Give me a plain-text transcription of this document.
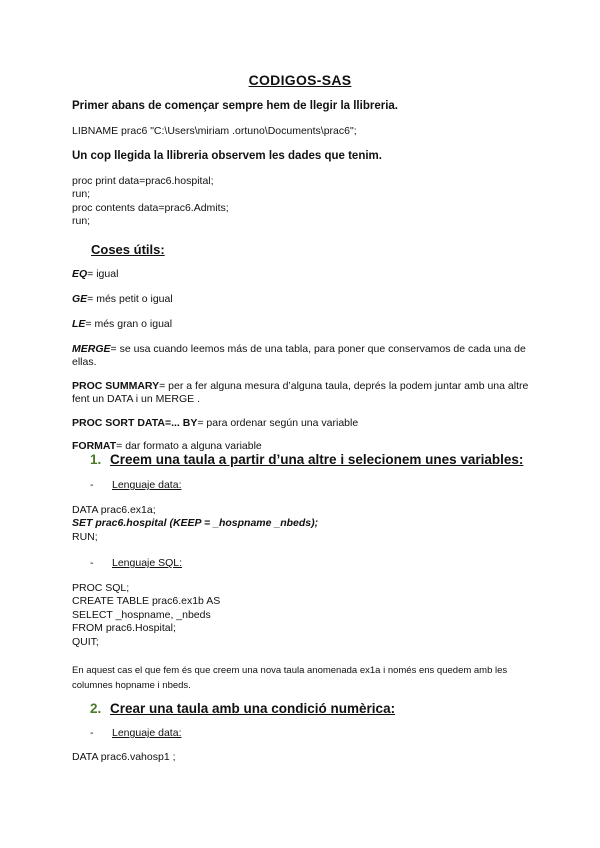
CODIGOS-SAS
Primer abans de començar sempre hem de llegir la llibreria.
LIBNAME prac6 "C:\Users\miriam .ortuno\Documents\prac6";
Un cop llegida la llibreria observem les dades que tenim.
proc print data=prac6.hospital;
run;
proc contents data=prac6.Admits;
run;
Coses útils:
EQ= igual
GE= més petit o igual
LE= més gran o igual
MERGE= se usa cuando leemos más de una tabla, para poner que conservamos de cada una de ellas.
PROC SUMMARY= per a fer alguna mesura d’alguna taula, deprés la podem juntar amb una altre fent un DATA i un MERGE .
PROC SORT DATA=... BY= para ordenar según una variable
FORMAT= dar formato a alguna variable
1. Creem una taula a partir d’una altre i selecionem unes variables:
- Lenguaje data:
DATA prac6.ex1a;
SET prac6.hospital (KEEP = _hospname _nbeds);
RUN;
- Lenguaje SQL:
PROC SQL;
CREATE TABLE prac6.ex1b AS
SELECT _hospname, _nbeds
FROM prac6.Hospital;
QUIT;
En aquest cas el que fem és que creem una nova taula anomenada ex1a i només ens quedem amb les columnes hopname i nbeds.
2. Crear una taula amb una condició numèrica:
- Lenguaje data:
DATA prac6.vahosp1 ;
